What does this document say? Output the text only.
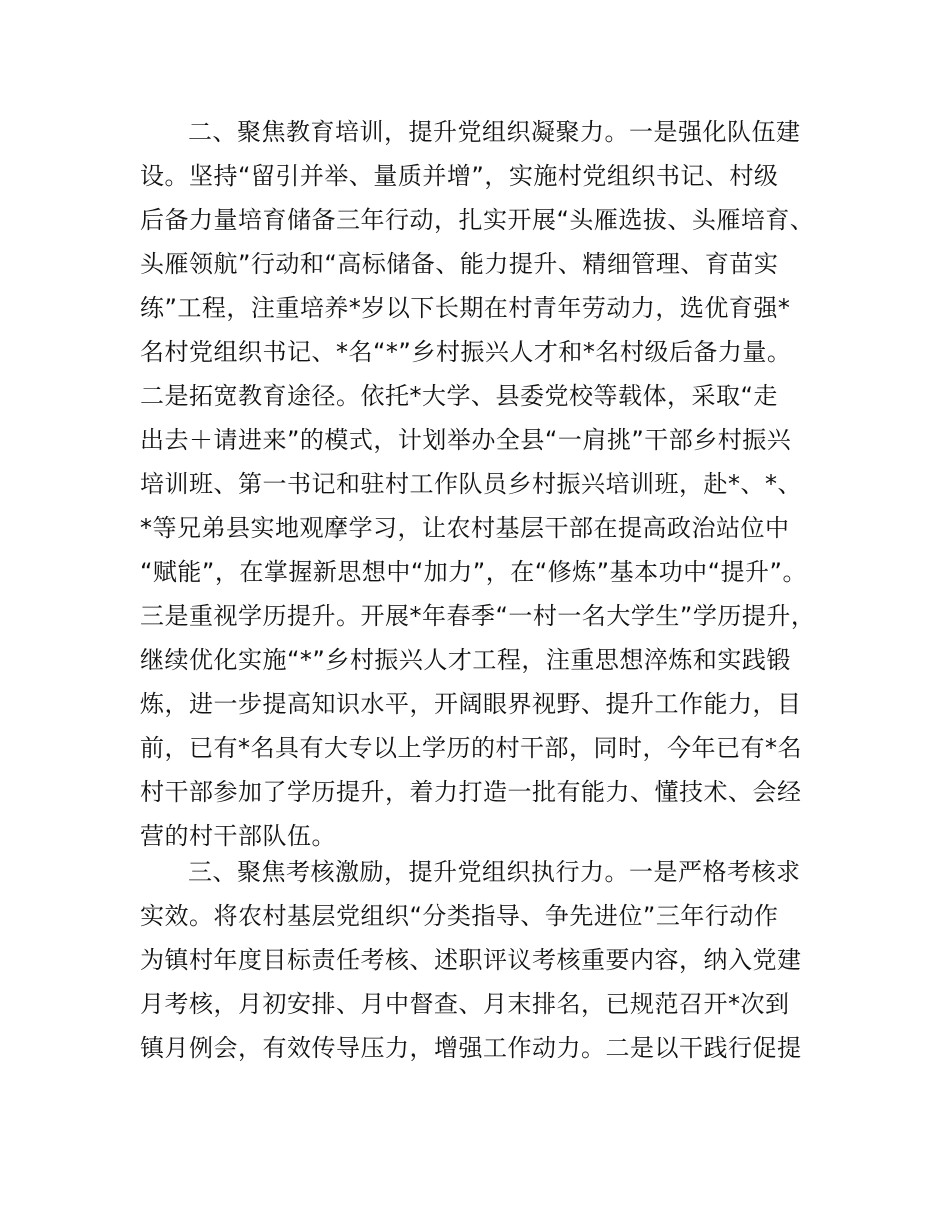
二、聚焦教育培训，提升党组织凝聚力。一是强化队伍建
设。坚持“留引并举、量质并增”，实施村党组织书记、村级
后备力量培育储备三年行动，扎实开展“头雁选拔、头雁培育、
头雁领航”行动和“高标储备、能力提升、精细管理、育苗实
练”工程，注重培养*岁以下长期在村青年劳动力，选优育强*
名村党组织书记、*名“*”乡村振兴人才和*名村级后备力量。
二是拓宽教育途径。依托*大学、县委党校等载体，采取“走
出去＋请进来”的模式，计划举办全县“一肩挑”干部乡村振兴
培训班、第一书记和驻村工作队员乡村振兴培训班，赴*、*、
*等兄弟县实地观摩学习，让农村基层干部在提高政治站位中
“赋能”，在掌握新思想中“加力”，在“修炼”基本功中“提升”。
三是重视学历提升。开展*年春季“一村一名大学生”学历提升，
继续优化实施“*”乡村振兴人才工程，注重思想淬炼和实践锻
炼，进一步提高知识水平，开阔眼界视野、提升工作能力，目
前，已有*名具有大专以上学历的村干部，同时，今年已有*名
村干部参加了学历提升，着力打造一批有能力、懂技术、会经
营的村干部队伍。
三、聚焦考核激励，提升党组织执行力。一是严格考核求
实效。将农村基层党组织“分类指导、争先进位”三年行动作
为镇村年度目标责任考核、述职评议考核重要内容，纳入党建
月考核，月初安排、月中督查、月末排名，已规范召开*次到
镇月例会，有效传导压力，增强工作动力。二是以干践行促提
